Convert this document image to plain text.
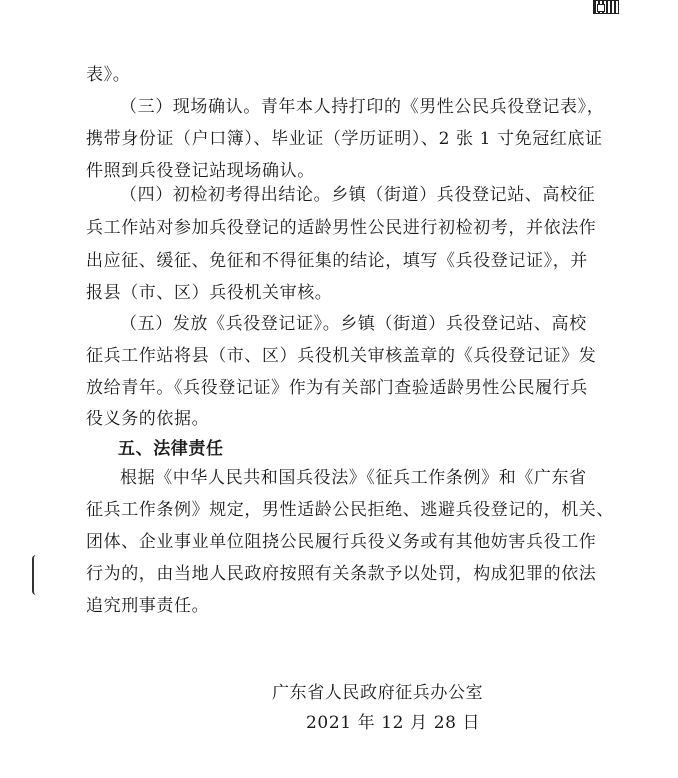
表》。
（三）现场确认。青年本人持打印的《男性公民兵役登记表》，
携带身份证（户口簿）、毕业证（学历证明）、2 张 1 寸免冠红底证
件照到兵役登记站现场确认。
（四）初检初考得出结论。乡镇（街道）兵役登记站、高校征
兵工作站对参加兵役登记的适龄男性公民进行初检初考，并依法作
出应征、缓征、免征和不得征集的结论，填写《兵役登记证》，并
报县（市、区）兵役机关审核。
（五）发放《兵役登记证》。乡镇（街道）兵役登记站、高校
征兵工作站将县（市、区）兵役机关审核盖章的《兵役登记证》发
放给青年。《兵役登记证》作为有关部门查验适龄男性公民履行兵
役义务的依据。
五、法律责任
根据《中华人民共和国兵役法》《征兵工作条例》和《广东省
征兵工作条例》规定，男性适龄公民拒绝、逃避兵役登记的，机关、
团体、企业事业单位阻挠公民履行兵役义务或有其他妨害兵役工作
行为的，由当地人民政府按照有关条款予以处罚，构成犯罪的依法
追究刑事责任。
广东省人民政府征兵办公室
2021 年 12 月 28 日
